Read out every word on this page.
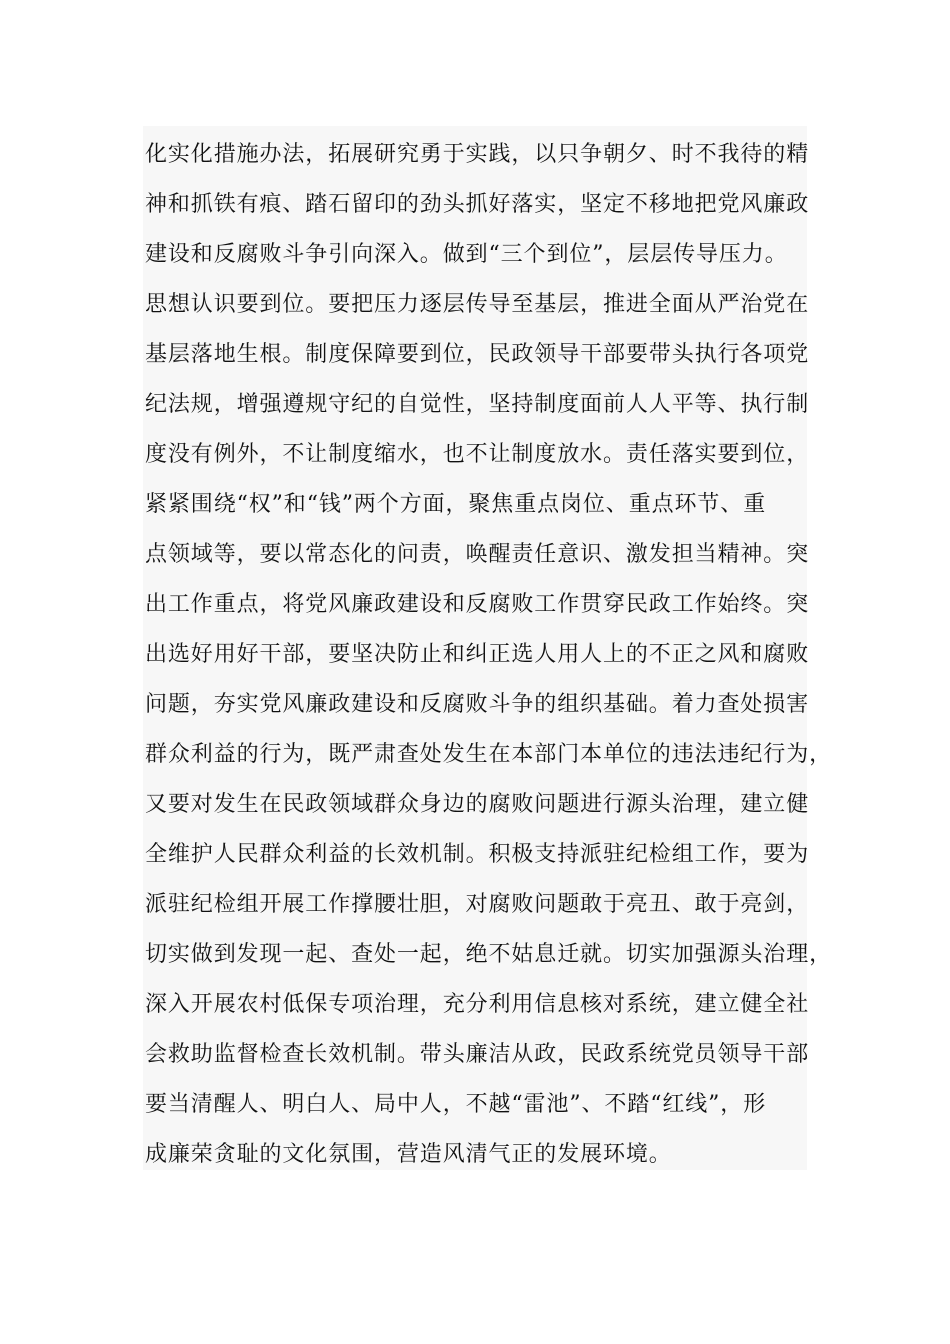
化实化措施办法，拓展研究勇于实践，以只争朝夕、时不我待的精
神和抓铁有痕、踏石留印的劲头抓好落实，坚定不移地把党风廉政
建设和反腐败斗争引向深入。做到“三个到位”，层层传导压力。
思想认识要到位。要把压力逐层传导至基层，推进全面从严治党在
基层落地生根。制度保障要到位，民政领导干部要带头执行各项党
纪法规，增强遵规守纪的自觉性，坚持制度面前人人平等、执行制
度没有例外，不让制度缩水，也不让制度放水。责任落实要到位，
紧紧围绕“权”和“钱”两个方面，聚焦重点岗位、重点环节、重
点领域等，要以常态化的问责，唤醒责任意识、激发担当精神。突
出工作重点，将党风廉政建设和反腐败工作贯穿民政工作始终。突
出选好用好干部，要坚决防止和纠正选人用人上的不正之风和腐败
问题，夯实党风廉政建设和反腐败斗争的组织基础。着力查处损害
群众利益的行为，既严肃查处发生在本部门本单位的违法违纪行为，
又要对发生在民政领域群众身边的腐败问题进行源头治理，建立健
全维护人民群众利益的长效机制。积极支持派驻纪检组工作，要为
派驻纪检组开展工作撑腰壮胆，对腐败问题敢于亮丑、敢于亮剑，
切实做到发现一起、查处一起，绝不姑息迁就。切实加强源头治理，
深入开展农村低保专项治理，充分利用信息核对系统，建立健全社
会救助监督检查长效机制。带头廉洁从政，民政系统党员领导干部
要当清醒人、明白人、局中人，不越“雷池”、不踏“红线”，形
成廉荣贪耻的文化氛围，营造风清气正的发展环境。
